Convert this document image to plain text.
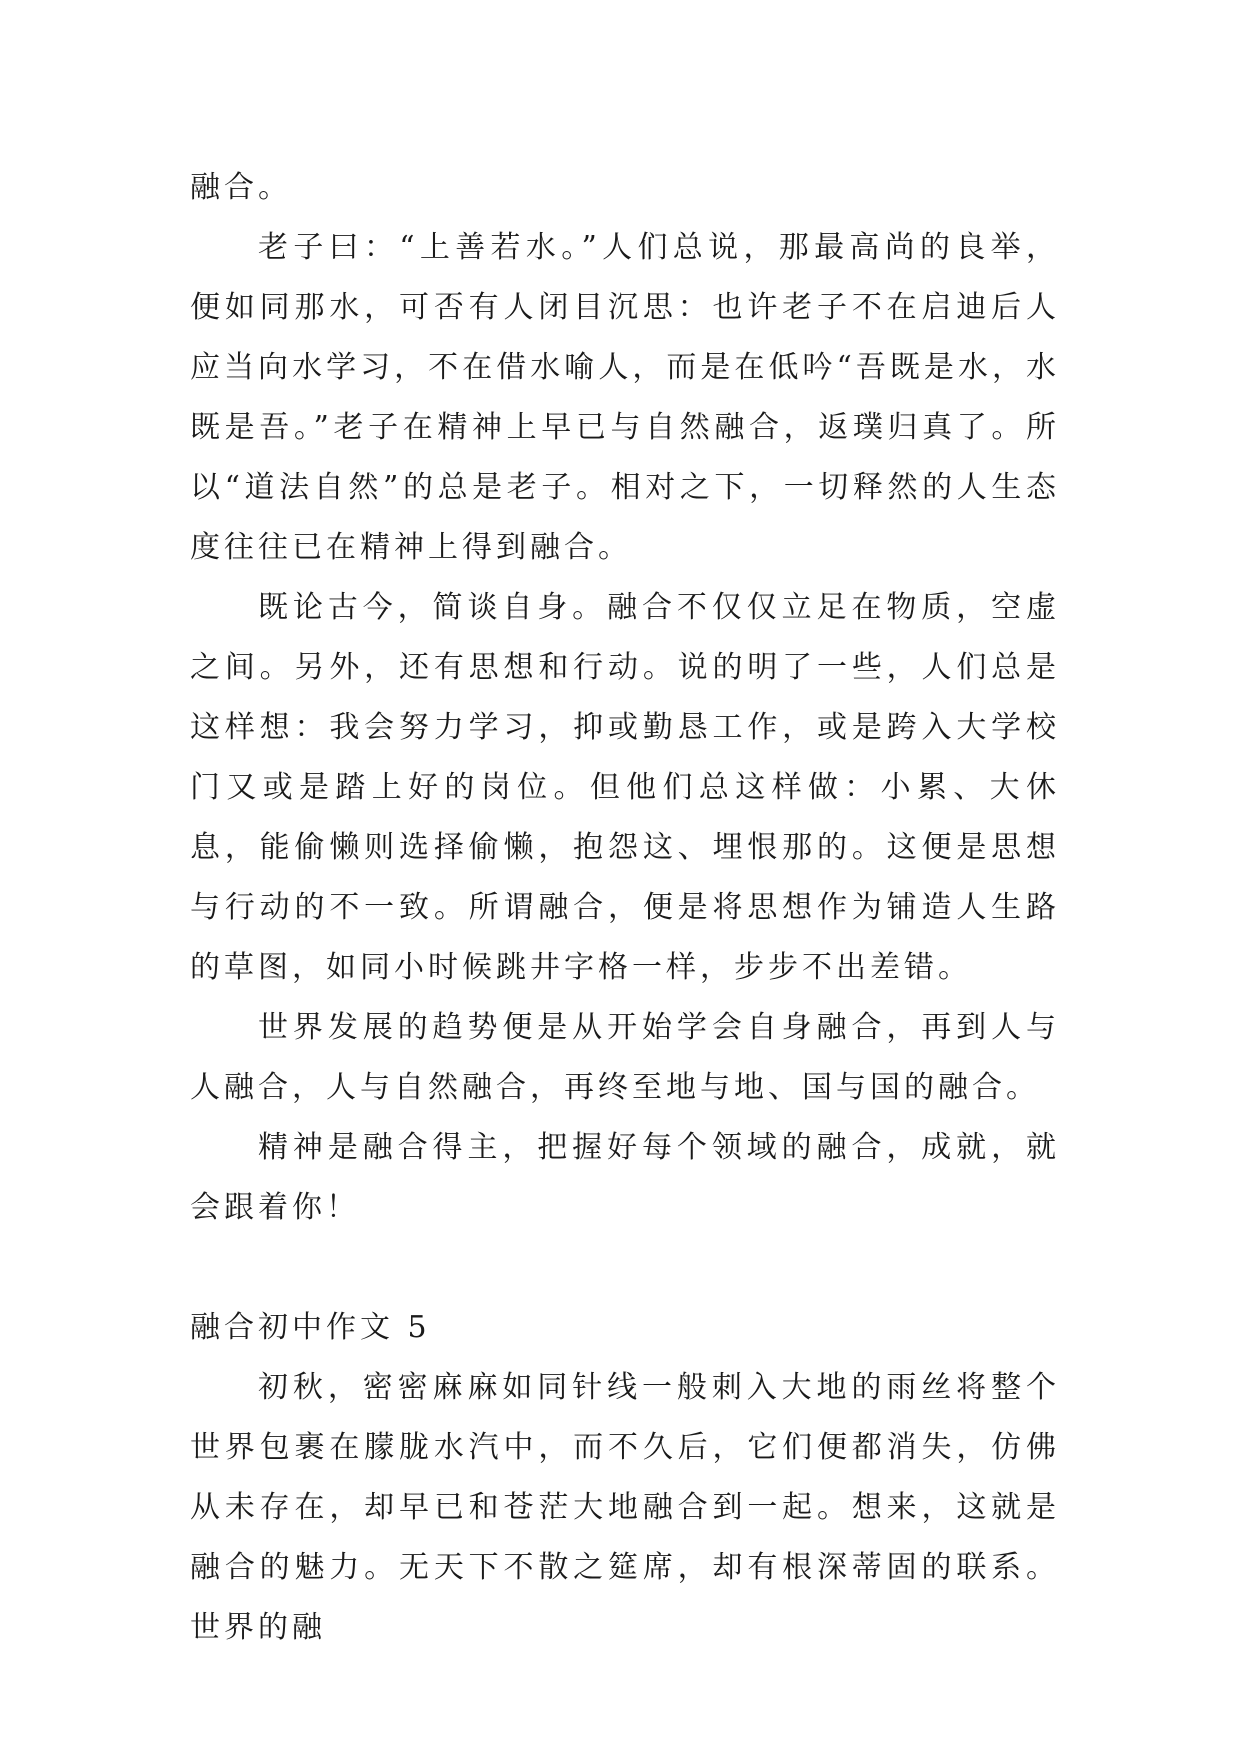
融合。

老子曰：“上善若水。”人们总说，那最高尚的良举，便如同那水，可否有人闭目沉思：也许老子不在启迪后人应当向水学习，不在借水喻人，而是在低吟“吾既是水，水既是吾。”老子在精神上早已与自然融合，返璞归真了。所以“道法自然”的总是老子。相对之下，一切释然的人生态度往往已在精神上得到融合。

既论古今，简谈自身。融合不仅仅立足在物质，空虚之间。另外，还有思想和行动。说的明了一些，人们总是这样想：我会努力学习，抑或勤恳工作，或是跨入大学校门又或是踏上好的岗位。但他们总这样做：小累、大休息，能偷懒则选择偷懒，抱怨这、埋恨那的。这便是思想与行动的不一致。所谓融合，便是将思想作为铺造人生路的草图，如同小时候跳井字格一样，步步不出差错。

世界发展的趋势便是从开始学会自身融合，再到人与人融合，人与自然融合，再终至地与地、国与国的融合。

精神是融合得主，把握好每个领域的融合，成就，就会跟着你！

融合初中作文 5

初秋，密密麻麻如同针线一般刺入大地的雨丝将整个世界包裹在朦胧水汽中，而不久后，它们便都消失，仿佛从未存在，却早已和苍茫大地融合到一起。想来，这就是融合的魅力。无天下不散之筵席，却有根深蒂固的联系。世界的融
